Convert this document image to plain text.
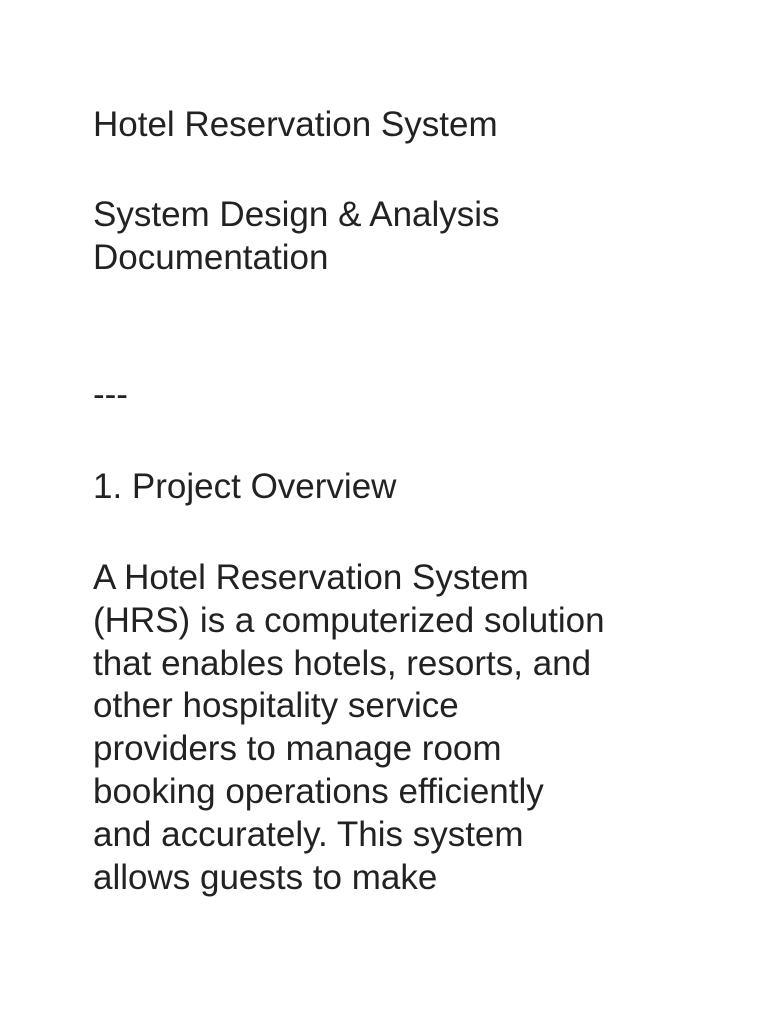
Hotel Reservation System
System Design & Analysis
Documentation
---
1. Project Overview
A Hotel Reservation System
(HRS) is a computerized solution
that enables hotels, resorts, and
other hospitality service
providers to manage room
booking operations efficiently
and accurately. This system
allows guests to make
